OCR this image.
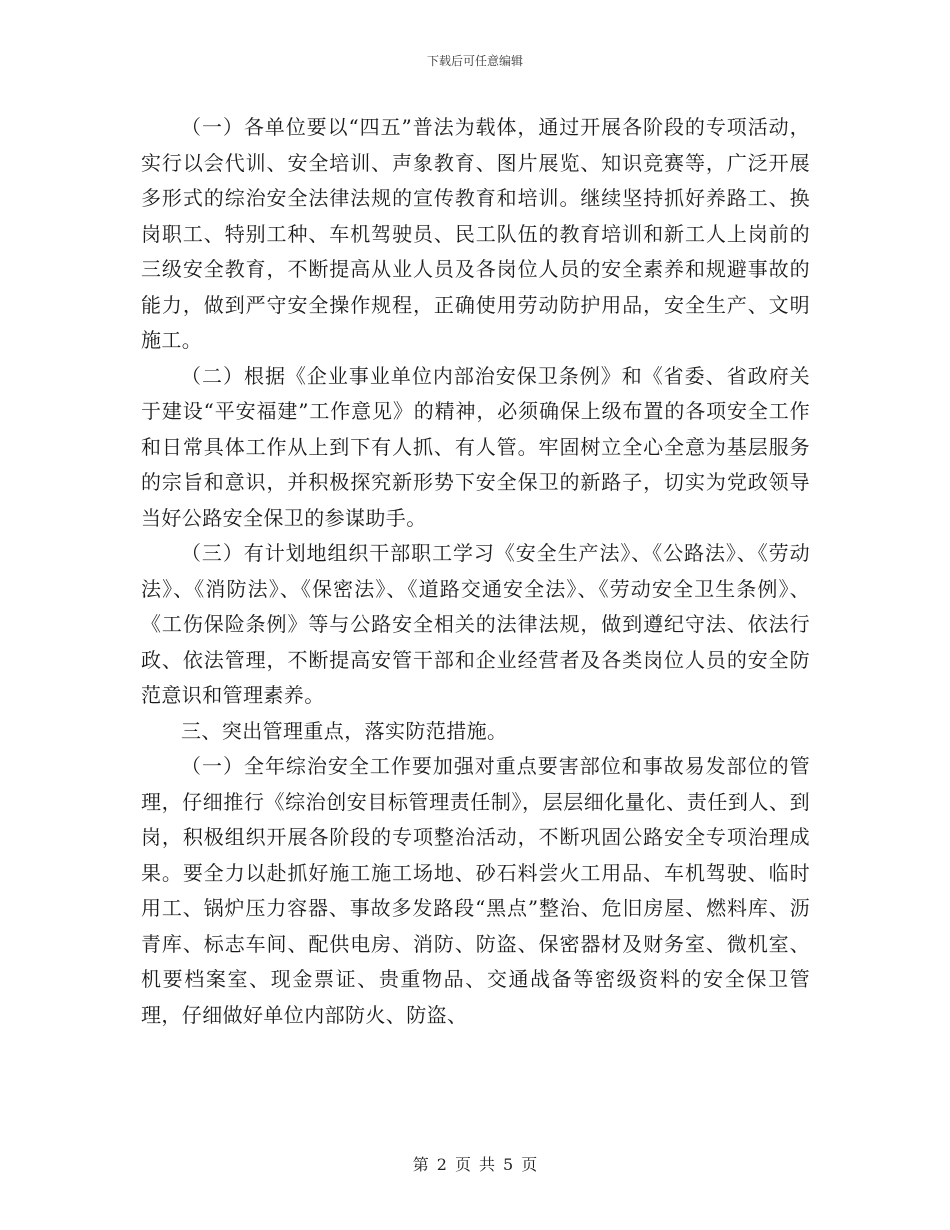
下载后可任意编辑

（一）各单位要以“四五”普法为载体，通过开展各阶段的专项活动，实行以会代训、安全培训、声象教育、图片展览、知识竞赛等，广泛开展多形式的综治安全法律法规的宣传教育和培训。继续坚持抓好养路工、换岗职工、特别工种、车机驾驶员、民工队伍的教育培训和新工人上岗前的三级安全教育，不断提高从业人员及各岗位人员的安全素养和规避事故的能力，做到严守安全操作规程，正确使用劳动防护用品，安全生产、文明施工。

（二）根据《企业事业单位内部治安保卫条例》和《省委、省政府关于建设“平安福建”工作意见》的精神，必须确保上级布置的各项安全工作和日常具体工作从上到下有人抓、有人管。牢固树立全心全意为基层服务的宗旨和意识，并积极探究新形势下安全保卫的新路子，切实为党政领导当好公路安全保卫的参谋助手。

（三）有计划地组织干部职工学习《安全生产法》、《公路法》、《劳动法》、《消防法》、《保密法》、《道路交通安全法》、《劳动安全卫生条例》、《工伤保险条例》等与公路安全相关的法律法规，做到遵纪守法、依法行政、依法管理，不断提高安管干部和企业经营者及各类岗位人员的安全防范意识和管理素养。

三、突出管理重点，落实防范措施。

（一）全年综治安全工作要加强对重点要害部位和事故易发部位的管理，仔细推行《综治创安目标管理责任制》，层层细化量化、责任到人、到岗，积极组织开展各阶段的专项整治活动，不断巩固公路安全专项治理成果。要全力以赴抓好施工施工场地、砂石料尝火工用品、车机驾驶、临时用工、锅炉压力容器、事故多发路段“黑点”整治、危旧房屋、燃料库、沥青库、标志车间、配供电房、消防、防盗、保密器材及财务室、微机室、机要档案室、现金票证、贵重物品、交通战备等密级资料的安全保卫管理，仔细做好单位内部防火、防盗、

第 2 页 共 5 页
